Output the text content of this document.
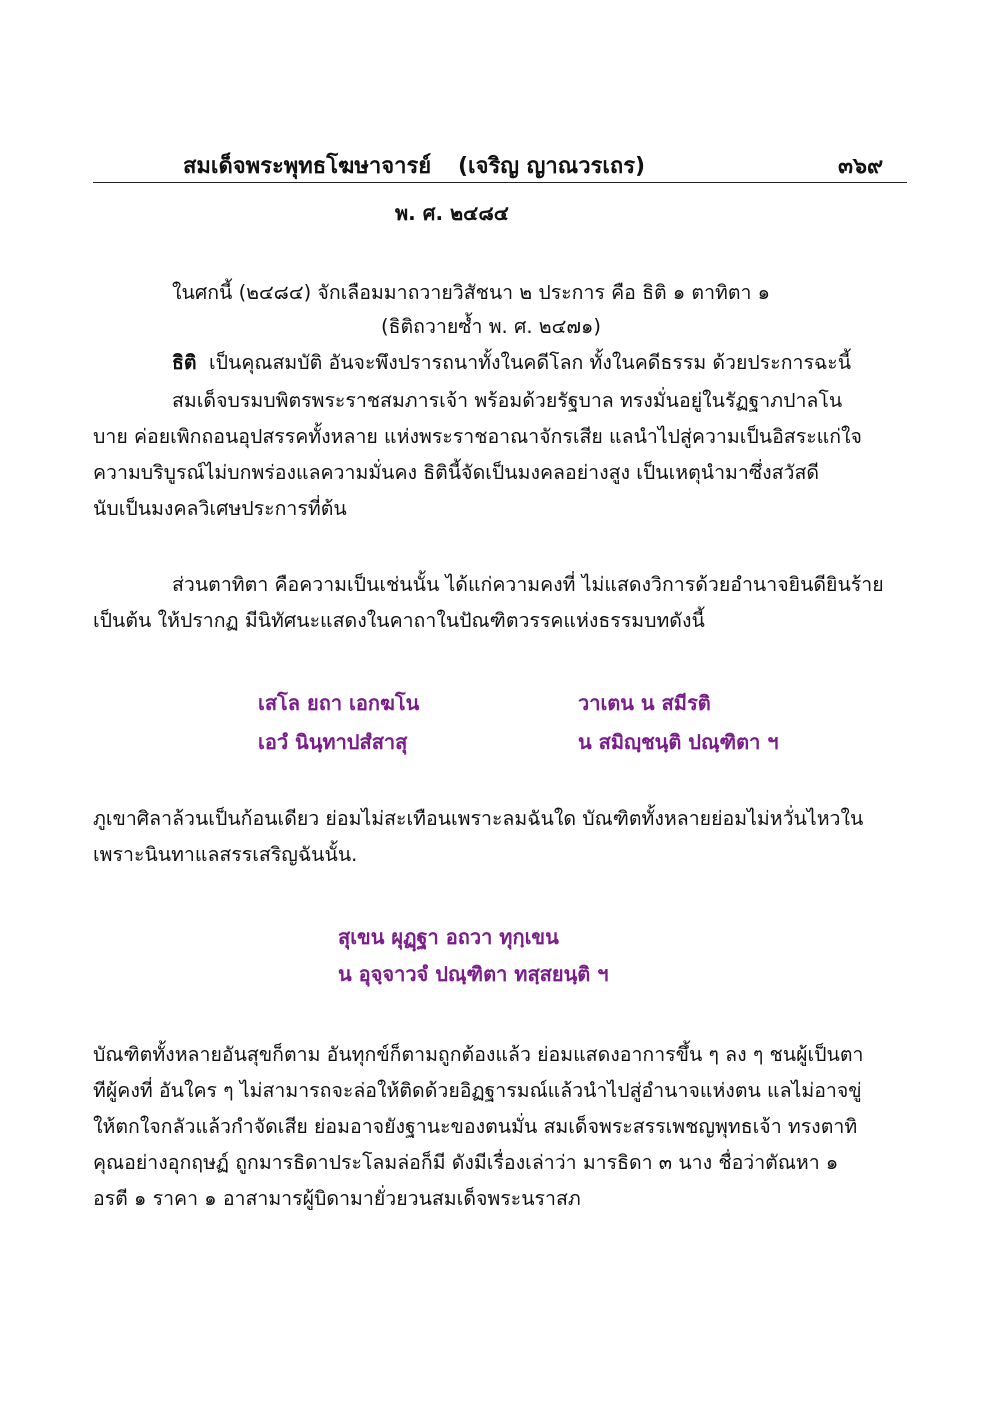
สมเด็จพระพุทธโฆษาจารย์ (เจริญ ญาณวรเถร)	๓๖๙
พ. ศ. ๒๔๘๔
ในศกนี้ (๒๔๘๔) จักเลือมมาถวายวิสัชนา ๒ ประการ คือ ธิติ ๑ ตาทิตา ๑
(ธิติถวายซ้ำ พ. ศ. ๒๔๗๑)
ธิติ เป็นคุณสมบัติ อันจะพึงปรารถนาทั้งในคดีโลก ทั้งในคดีธรรม ด้วยประการฉะนี้
สมเด็จบรมบพิตรพระราชสมภารเจ้า พร้อมด้วยรัฐบาล ทรงมั่นอยู่ในรัฏฐาภปาลโน
บาย ค่อยเพิกถอนอุปสรรคทั้งหลาย แห่งพระราชอาณาจักรเสีย แลนำไปสู่ความเป็นอิสระแก่ใจ
ความบริบูรณ์ไม่บกพร่องแลความมั่นคง ธิตินี้จัดเป็นมงคลอย่างสูง เป็นเหตุนำมาซึ่งสวัสดี
นับเป็นมงคลวิเศษประการที่ต้น
ส่วนตาทิตา คือความเป็นเช่นนั้น ได้แก่ความคงที่ ไม่แสดงวิการด้วยอำนาจยินดียินร้าย
เป็นต้น ให้ปรากฏ มีนิทัศนะแสดงในคาถาในปัณฑิตวรรคแห่งธรรมบทดังนี้
เสโล ยถา เอกฆโน	วาเตน น สมีรติ
เอวํ นินฺทาปสํสาสุ	น สมิญฺชนฺติ ปณฺฑิตา ฯ
ภูเขาศิลาล้วนเป็นก้อนเดียว ย่อมไม่สะเทือนเพราะลมฉันใด บัณฑิตทั้งหลายย่อมไม่หวั่นไหวใน
เพราะนินทาแลสรรเสริญฉันนั้น.
สุเขน ผุฏฺฐา อถวา ทุกฺเขน
น อุจฺจาวจํ ปณฺฑิตา ทสฺสยนฺติ ฯ
บัณฑิตทั้งหลายอันสุขก็ตาม อันทุกข์ก็ตามถูกต้องแล้ว ย่อมแสดงอาการขึ้น ๆ ลง ๆ ชนผู้เป็นตา
ทีผู้คงที่ อันใคร ๆ ไม่สามารถจะล่อให้ติดด้วยอิฏฐารมณ์แล้วนำไปสู่อำนาจแห่งตน แลไม่อาจขู่
ให้ตกใจกลัวแล้วกำจัดเสีย ย่อมอาจยังฐานะของตนมั่น สมเด็จพระสรรเพชญพุทธเจ้า ทรงตาทิ
คุณอย่างอุกฤษฏ์ ถูกมารธิดาประโลมล่อก็มี ดังมีเรื่องเล่าว่า มารธิดา ๓ นาง ชื่อว่าตัณหา ๑
อรตี ๑ ราคา ๑ อาสามารผู้บิดามายั่วยวนสมเด็จพระนราสภ
